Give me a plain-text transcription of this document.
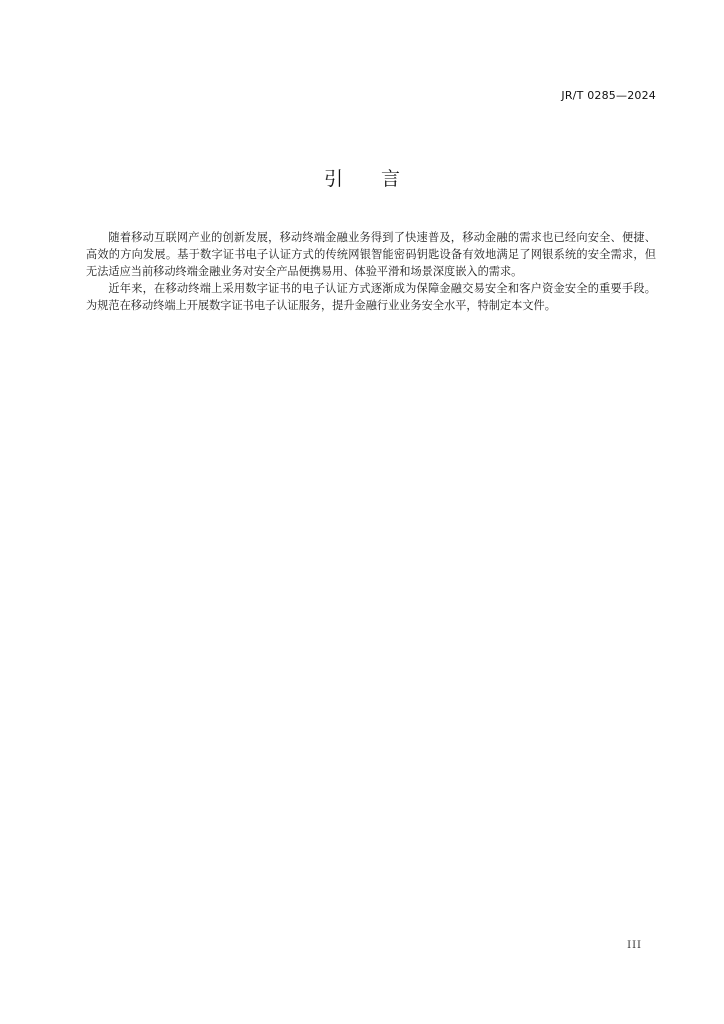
JR/T 0285—2024
引言

随着移动互联网产业的创新发展，移动终端金融业务得到了快速普及，移动金融的需求也已经向安全、便捷、高效的方向发展。基于数字证书电子认证方式的传统网银智能密码钥匙设备有效地满足了网银系统的安全需求，但无法适应当前移动终端金融业务对安全产品便携易用、体验平滑和场景深度嵌入的需求。

近年来，在移动终端上采用数字证书的电子认证方式逐渐成为保障金融交易安全和客户资金安全的重要手段。为规范在移动终端上开展数字证书电子认证服务，提升金融行业业务安全水平，特制定本文件。

III
